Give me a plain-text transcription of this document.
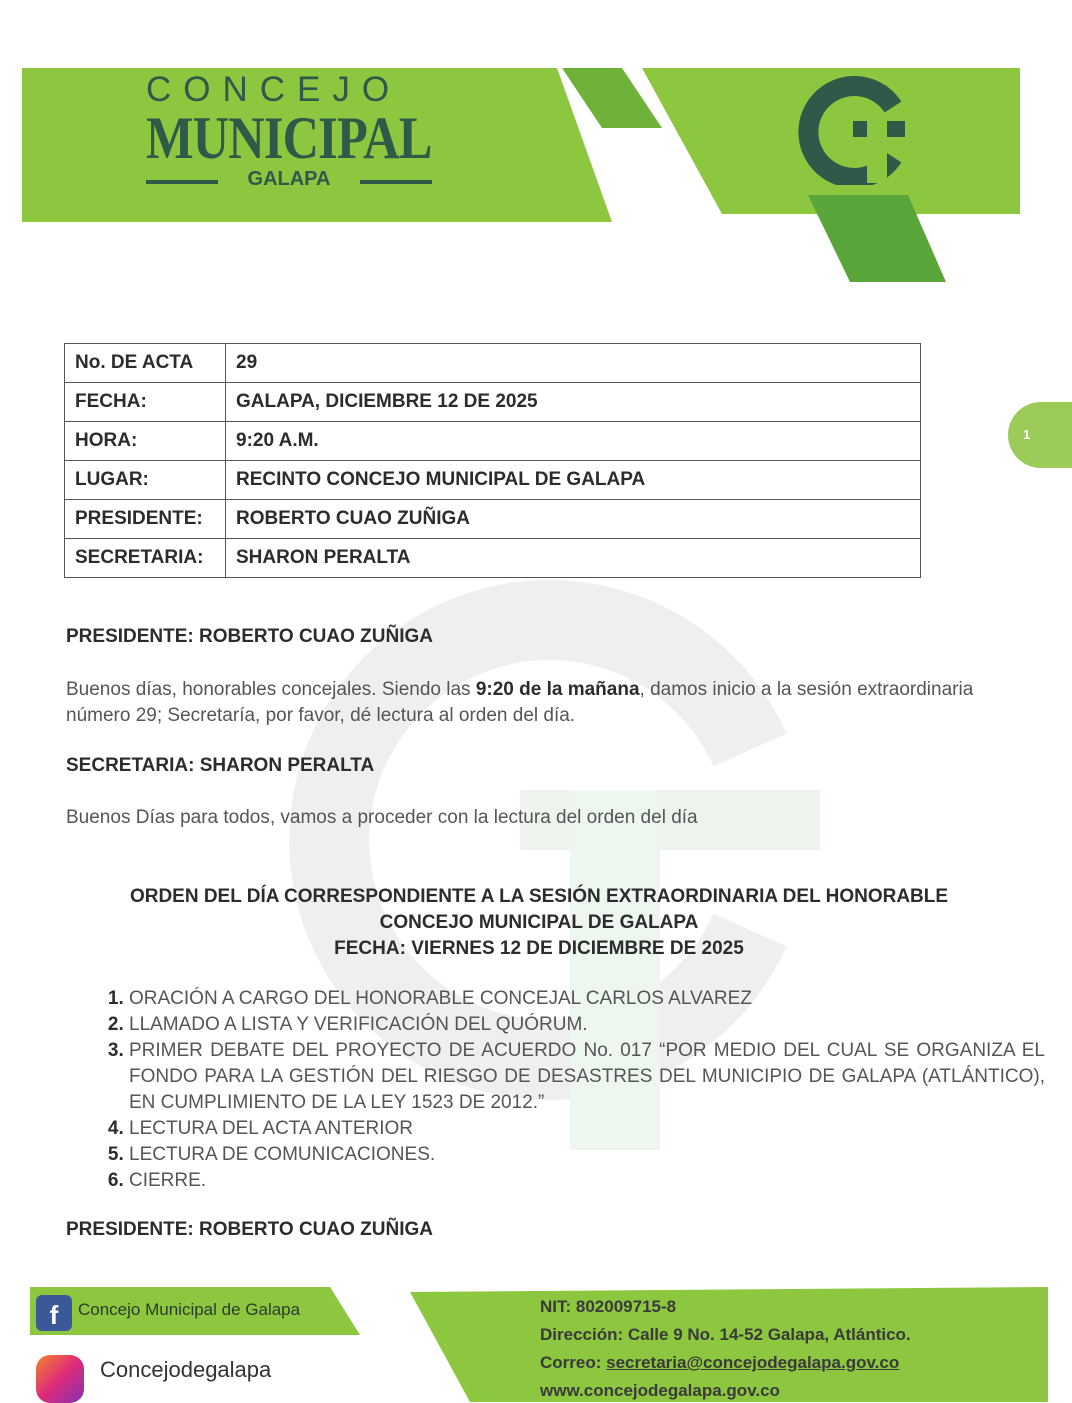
CONCEJO
MUNICIPAL
GALAPA
1
No. DE ACTA	29
FECHA:	GALAPA, DICIEMBRE 12 DE 2025
HORA:	9:20 A.M.
LUGAR:	RECINTO CONCEJO MUNICIPAL DE GALAPA
PRESIDENTE:	ROBERTO CUAO ZUÑIGA
SECRETARIA:	SHARON PERALTA
PRESIDENTE: ROBERTO CUAO ZUÑIGA
Buenos días, honorables concejales. Siendo las 9:20 de la mañana, damos inicio a la sesión extraordinaria número 29; Secretaría, por favor, dé lectura al orden del día.
SECRETARIA: SHARON PERALTA
Buenos Días para todos, vamos a proceder con la lectura del orden del día
ORDEN DEL DÍA CORRESPONDIENTE A LA SESIÓN EXTRAORDINARIA DEL HONORABLE
CONCEJO MUNICIPAL DE GALAPA
FECHA: VIERNES 12 DE DICIEMBRE DE 2025
1. ORACIÓN A CARGO DEL HONORABLE CONCEJAL CARLOS ALVAREZ
2. LLAMADO A LISTA Y VERIFICACIÓN DEL QUÓRUM.
3. PRIMER DEBATE DEL PROYECTO DE ACUERDO No. 017 “POR MEDIO DEL CUAL SE ORGANIZA EL FONDO PARA LA GESTIÓN DEL RIESGO DE DESASTRES DEL MUNICIPIO DE GALAPA (ATLÁNTICO), EN CUMPLIMIENTO DE LA LEY 1523 DE 2012.”
4. LECTURA DEL ACTA ANTERIOR
5. LECTURA DE COMUNICACIONES.
6. CIERRE.
PRESIDENTE: ROBERTO CUAO ZUÑIGA
f	Concejo Municipal de Galapa
Concejodegalapa
NIT: 802009715-8
Dirección: Calle 9 No. 14-52 Galapa, Atlántico.
Correo: secretaria@concejodegalapa.gov.co
www.concejodegalapa.gov.co
